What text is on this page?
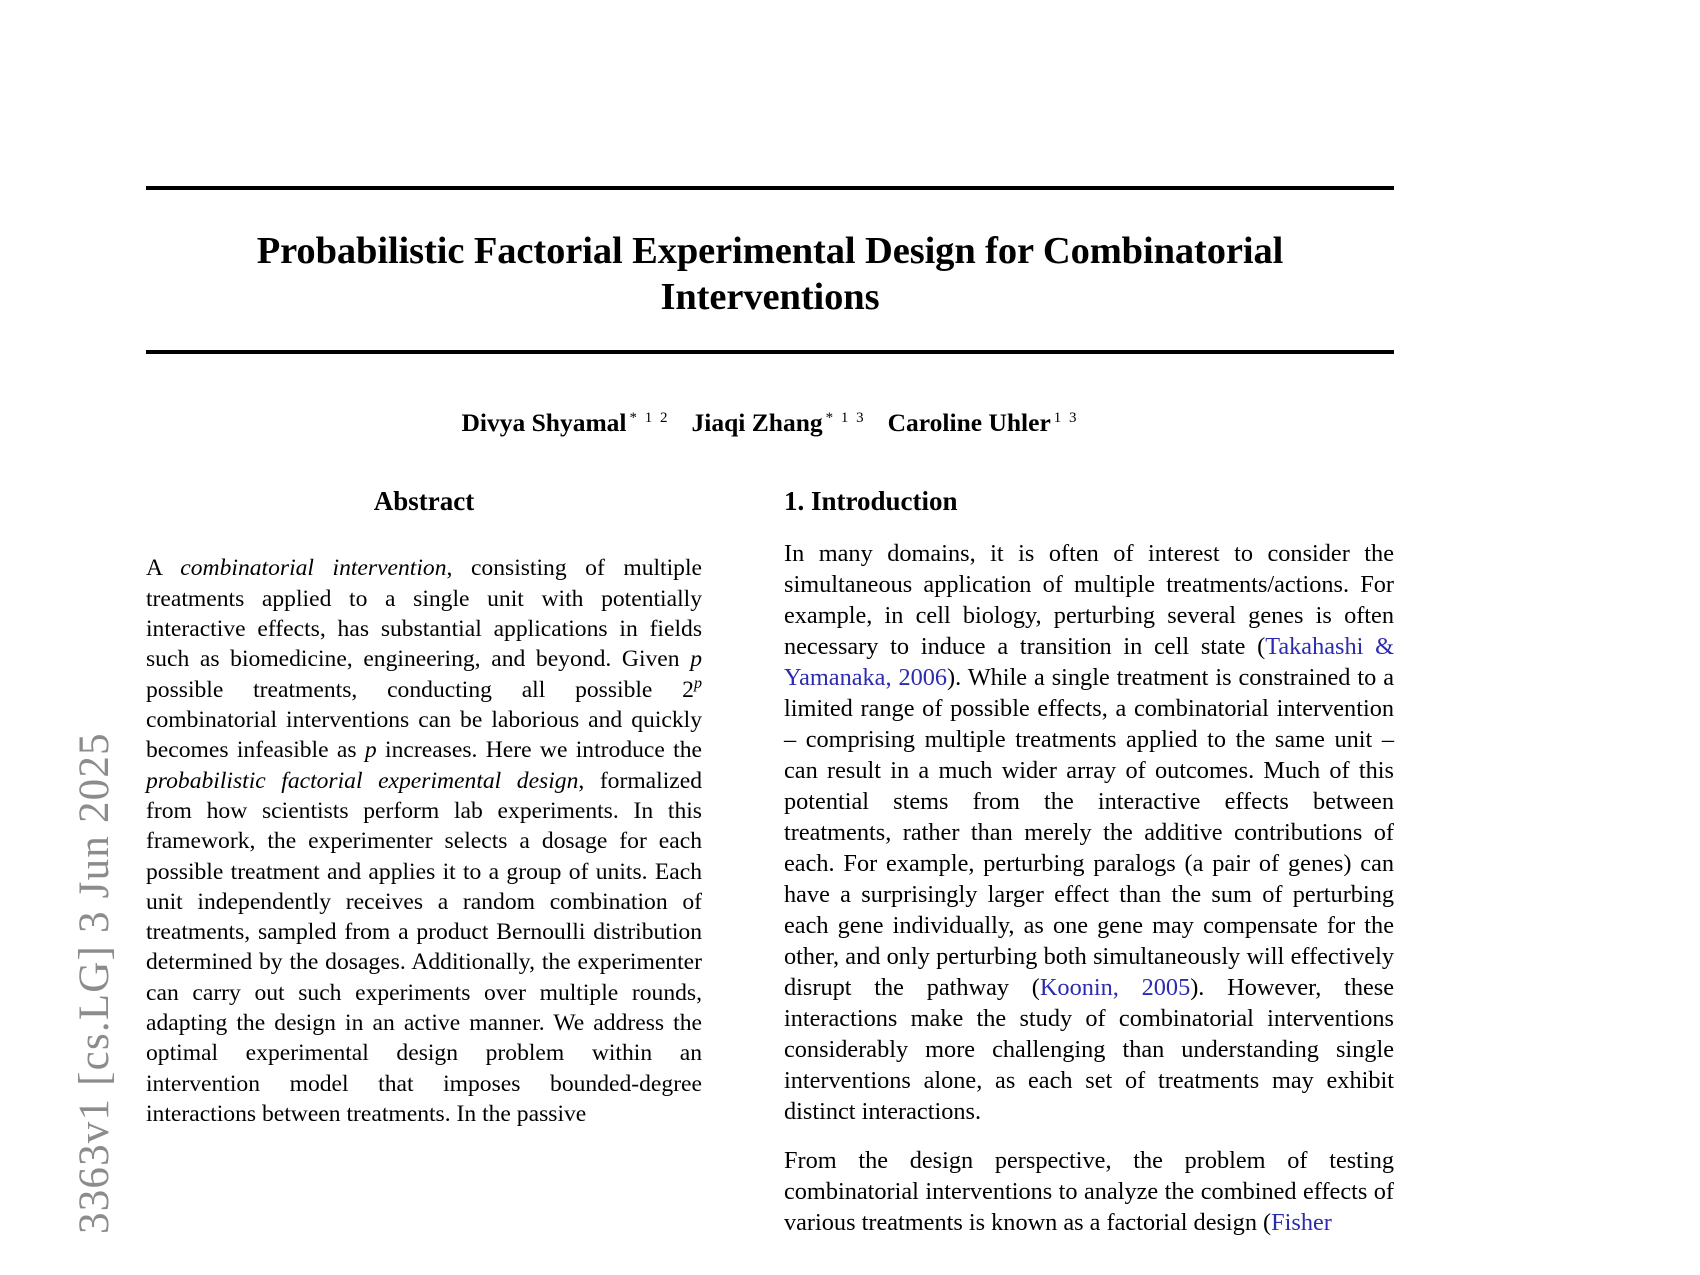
3363v1 [cs.LG] 3 Jun 2025
Probabilistic Factorial Experimental Design for Combinatorial Interventions
Divya Shyamal $^{* 1 2}$ Jiaqi Zhang $^{* 1 3}$ Caroline Uhler $^{1 3}$
Abstract

A combinatorial intervention, consisting of multiple treatments applied to a single unit with potentially interactive effects, has substantial applications in fields such as biomedicine, engineering, and beyond. Given p possible treatments, conducting all possible 2$^p$ combinatorial interventions can be laborious and quickly becomes infeasible as p increases. Here we introduce the probabilistic factorial experimental design, formalized from how scientists perform lab experiments. In this framework, the experimenter selects a dosage for each possible treatment and applies it to a group of units. Each unit independently receives a random combination of treatments, sampled from a product Bernoulli distribution determined by the dosages. Additionally, the experimenter can carry out such experiments over multiple rounds, adapting the design in an active manner. We address the optimal experimental design problem within an intervention model that imposes bounded-degree interactions between treatments. In the passive

1. Introduction

In many domains, it is often of interest to consider the simultaneous application of multiple treatments/actions. For example, in cell biology, perturbing several genes is often necessary to induce a transition in cell state (Takahashi & Yamanaka, 2006). While a single treatment is constrained to a limited range of possible effects, a combinatorial intervention – comprising multiple treatments applied to the same unit – can result in a much wider array of outcomes. Much of this potential stems from the interactive effects between treatments, rather than merely the additive contributions of each. For example, perturbing paralogs (a pair of genes) can have a surprisingly larger effect than the sum of perturbing each gene individually, as one gene may compensate for the other, and only perturbing both simultaneously will effectively disrupt the pathway (Koonin, 2005). However, these interactions make the study of combinatorial interventions considerably more challenging than understanding single interventions alone, as each set of treatments may exhibit distinct interactions.

From the design perspective, the problem of testing combinatorial interventions to analyze the combined effects of various treatments is known as a factorial design (Fisher
